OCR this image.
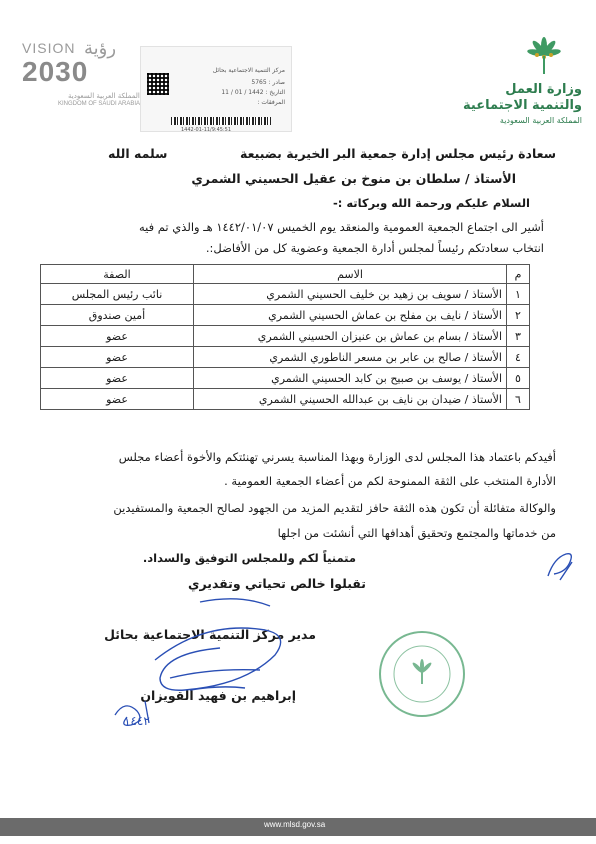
وزارة العمل
والتنمية الاجتماعية
المملكة العربية السعودية
VISION رؤية
2030
المملكة العربية السعودية
KINGDOM OF SAUDI ARABIA
مركز التنمية الاجتماعية بحائل
صادر : 5765
التاريخ : 1442 / 01 / 11
المرفقات :
1442-01-11/9:45:51
سعادة رئيس مجلس إدارة جمعية البر الخيرية بضبيعة
سلمه الله
الأستاذ / سلطان بن منوخ بن عقيل الحسيني الشمري
السلام عليكم ورحمة الله وبركاته :-
أشير الى اجتماع الجمعية العمومية والمنعقد يوم الخميس ١٤٤٢/٠١/٠٧ هـ والذي تم فيه
انتخاب سعادتكم رئيساً لمجلس أدارة الجمعية وعضوية كل من الأفاضل:.
م	الاسم	الصفة
١	الأستاذ / سويف بن زهيد بن خليف الحسيني الشمري	نائب رئيس المجلس
٢	الأستاذ / نايف بن مفلح بن عماش الحسيني الشمري	أمين صندوق
٣	الأستاذ / بسام بن عماش بن عنيزان الحسيني الشمري	عضو
٤	الأستاذ / صالح بن عابر بن مسعر الناطوري الشمري	عضو
٥	الأستاذ / يوسف بن صبيح بن كابد الحسيني الشمري	عضو
٦	الأستاذ / ضيدان بن نايف بن عبدالله الحسيني الشمري	عضو
أفيدكم باعتماد هذا المجلس لدى الوزارة وبهذا المناسبة يسرني تهنئتكم والأخوة أعضاء مجلس
الأدارة المنتخب على الثقة الممنوحة لكم من أعضاء الجمعية العمومية .
والوكالة متفائلة أن تكون هذه الثقة حافز لتقديم المزيد من الجهود لصالح الجمعية والمستفيدين
من خدماتها والمجتمع وتحقيق أهدافها التي أنشئت من اجلها
متمنياً لكم وللمجلس التوفيق والسداد.
تقبلوا خالص تحياتي وتقديري
مدير مركز التنمية الاجتماعية بحائل
إبراهيم بن فهيد القويزان
١٤٤٢
www.mlsd.gov.sa
